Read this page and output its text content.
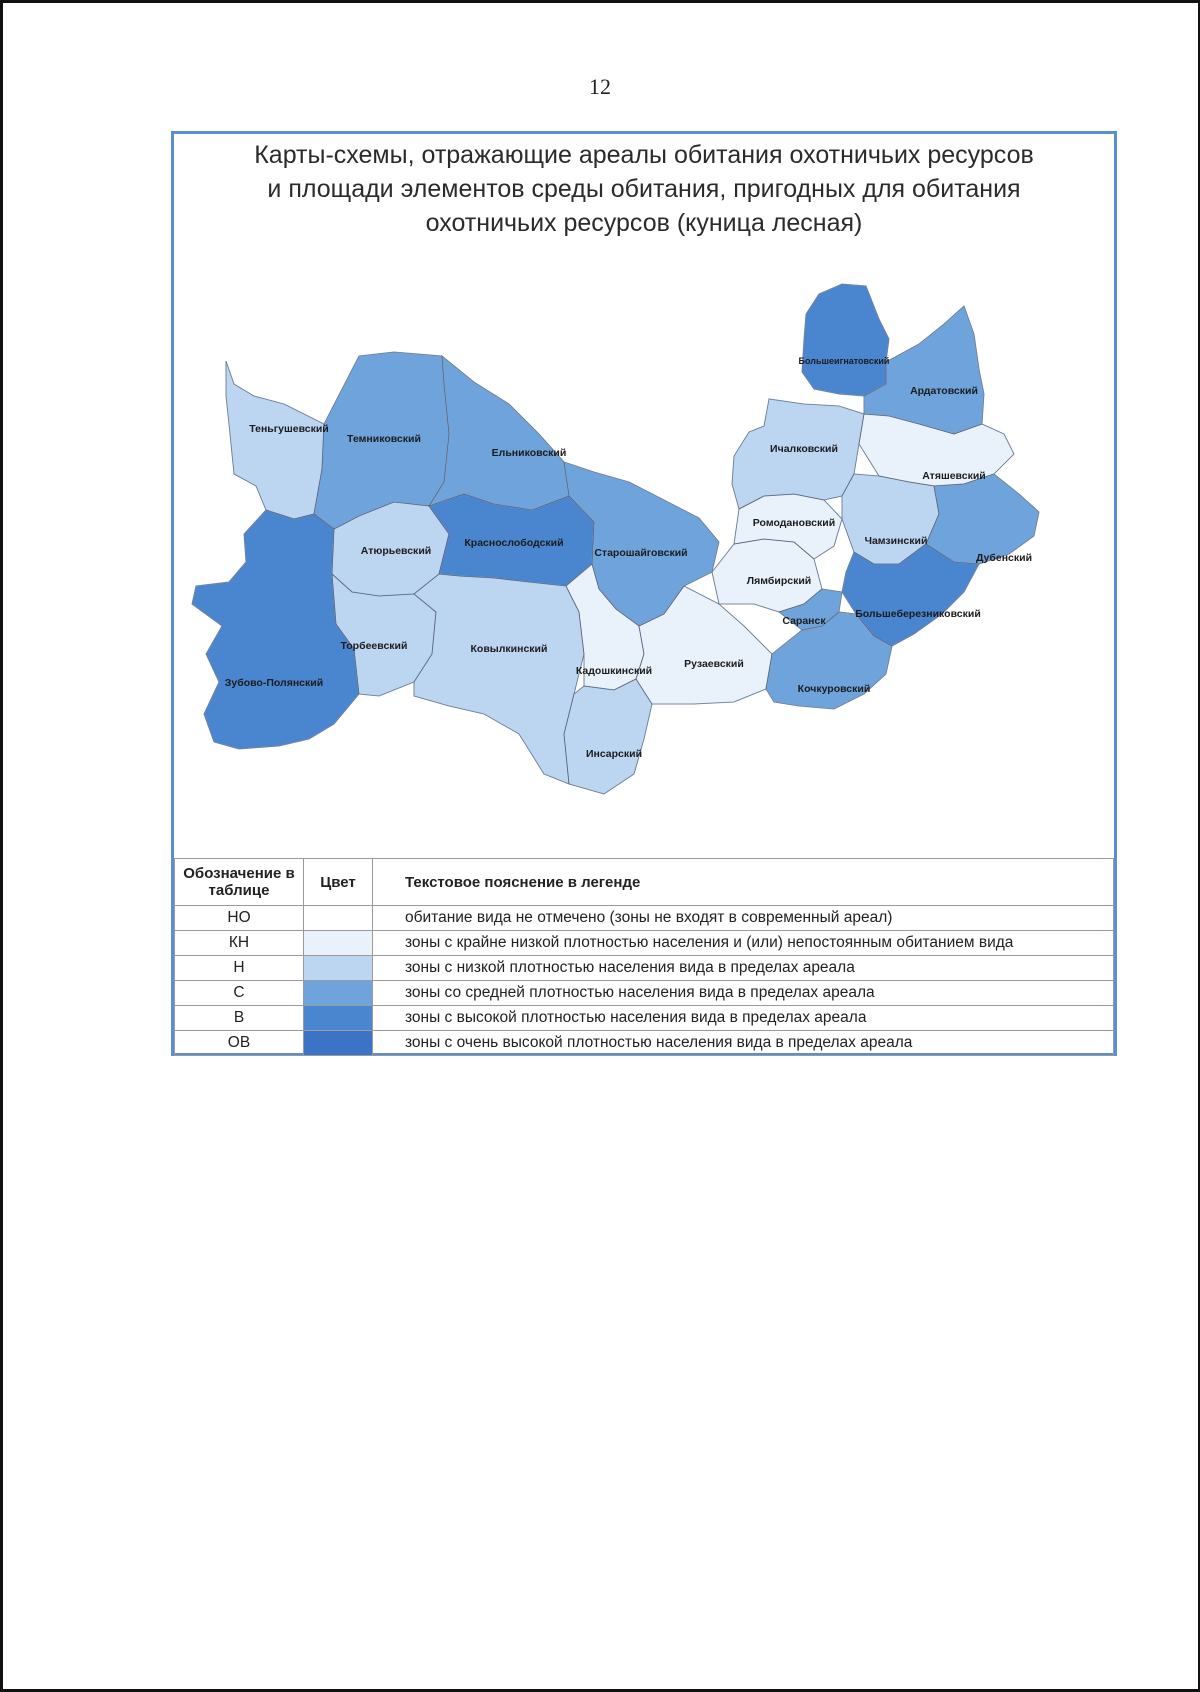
12
Карты-схемы, отражающие ареалы обитания охотничьих ресурсов
и площади элементов среды обитания, пригодных для обитания
охотничьих ресурсов (куница лесная)
Теньгушевский
Темниковский
Ельниковский
Зубово-Полянский
Атюрьевский
Краснослободский
Старошайговский
Торбеевский	Ковылкинский
Кадошкинский
Инсарский
Рузаевский
Лямбирский
Ромодановский
Ичалковский
Большеигнатовский
Ардатовский
Атяшевский
Чамзинский
Дубенский
Большеберезниковский
Саранск
Кочкуровский
Обозначение в таблице	Цвет	Текстовое пояснение в легенде
НО		обитание вида не отмечено (зоны не входят в современный ареал)
КН		зоны с крайне низкой плотностью населения и (или) непостоянным обитанием вида
Н		зоны с низкой плотностью населения вида в пределах ареала
С		зоны со средней плотностью населения вида в пределах ареала
В		зоны с высокой плотностью населения вида в пределах ареала
ОВ		зоны с очень высокой плотностью населения вида в пределах ареала
